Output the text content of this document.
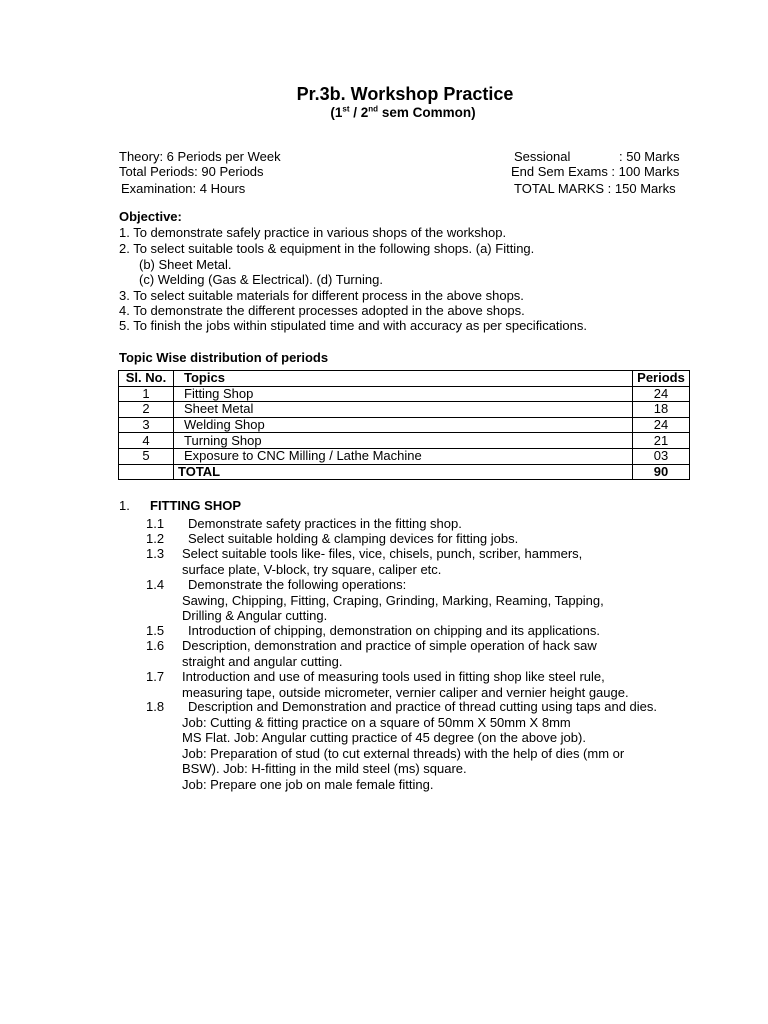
Pr.3b. Workshop Practice
(1st / 2nd sem Common)
Theory: 6 Periods per Week
Total Periods: 90 Periods
Examination: 4 Hours
Sessional	: 50 Marks
End Sem Exams : 100 Marks
TOTAL MARKS : 150 Marks
Objective:
1. To demonstrate safely practice in various shops of the workshop.
2. To select suitable tools & equipment in the following shops. (a) Fitting.
(b) Sheet Metal.
(c) Welding (Gas & Electrical). (d) Turning.
3. To select suitable materials for different process in the above shops.
4. To demonstrate the different processes adopted in the above shops.
5. To finish the jobs within stipulated time and with accuracy as per specifications.
Topic Wise distribution of periods
Sl. No.	Topics	Periods
1	Fitting Shop	24
2	Sheet Metal	18
3	Welding Shop	24
4	Turning Shop	21
5	Exposure to CNC Milling / Lathe Machine	03
	TOTAL	90
1. FITTING SHOP
1.1 Demonstrate safety practices in the fitting shop.
1.2 Select suitable holding & clamping devices for fitting jobs.
1.3 Select suitable tools like- files, vice, chisels, punch, scriber, hammers,
surface plate, V-block, try square, caliper etc.
1.4 Demonstrate the following operations:
Sawing, Chipping, Fitting, Craping, Grinding, Marking, Reaming, Tapping,
Drilling & Angular cutting.
1.5 Introduction of chipping, demonstration on chipping and its applications.
1.6 Description, demonstration and practice of simple operation of hack saw
straight and angular cutting.
1.7 Introduction and use of measuring tools used in fitting shop like steel rule,
measuring tape, outside micrometer, vernier caliper and vernier height gauge.
1.8 Description and Demonstration and practice of thread cutting using taps and dies.
Job: Cutting & fitting practice on a square of 50mm X 50mm X 8mm
MS Flat. Job: Angular cutting practice of 45 degree (on the above job).
Job: Preparation of stud (to cut external threads) with the help of dies (mm or
BSW). Job: H-fitting in the mild steel (ms) square.
Job: Prepare one job on male female fitting.
